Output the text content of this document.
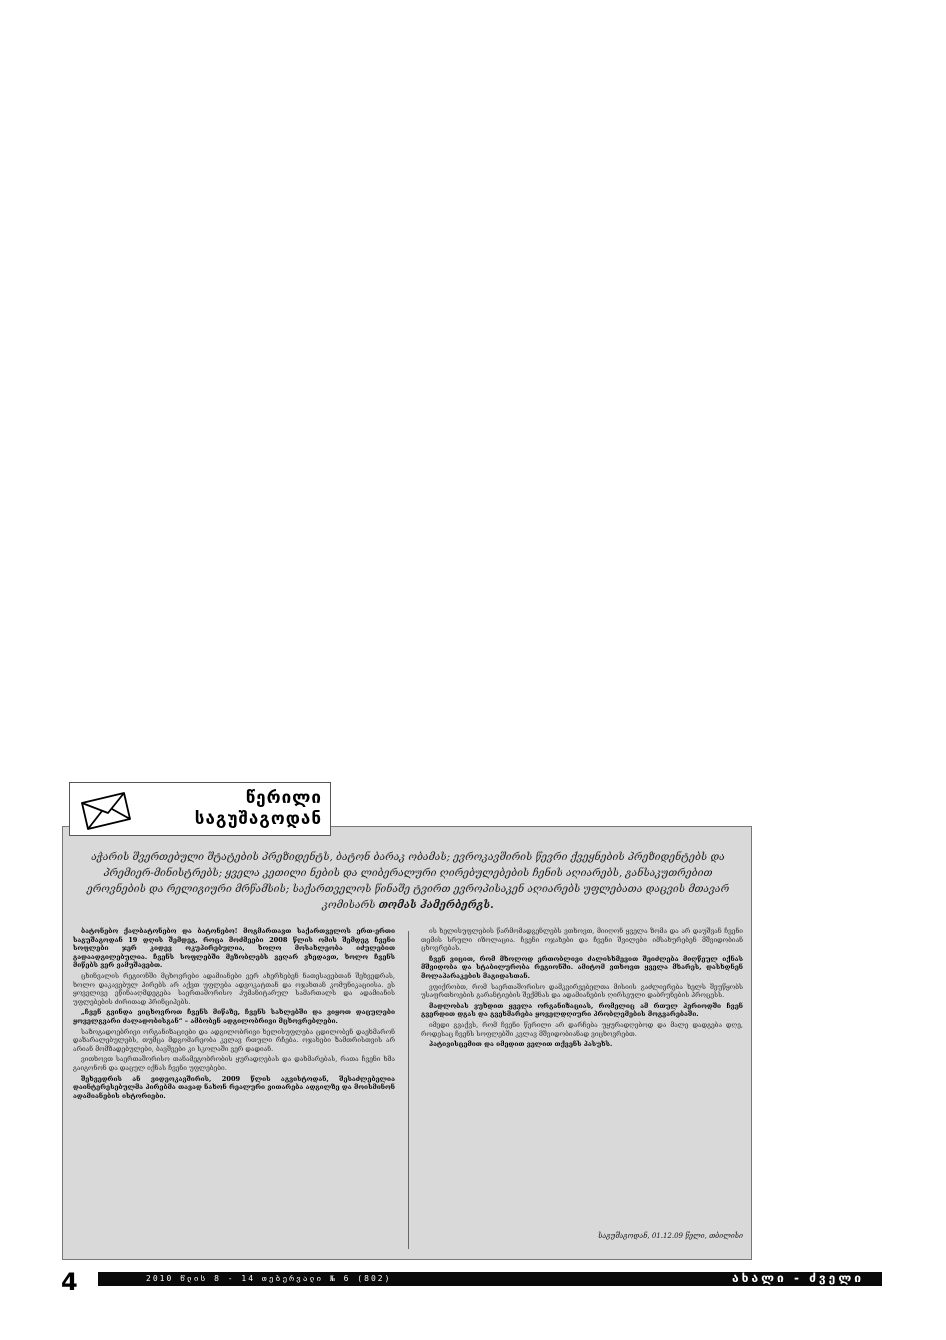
წერილი
საგუშაგოდან
აჭარის შვერთებული შტატების პრეზიდენტს, ბატონ ბარაკ ობამას; ევროკავშირის წევრი ქვეყნების პრეზიდენტებს და პრემიერ-მინისტრებს; ყველა კეთილი ნების და ლიბერალური ღირებულებების ჩენის აღიარებს, განსაკუთრებით ეროვნების და რელიგიური მრწამსის; საქართველოს წინაშე ტვირთ ევროპისაკენ აღიარებს უფლებათა დაცვის მთავარ კომისარს თომას ჰამერბერგს.

ბატონებო ქალბატონებო და ბატონებო! მოგმართავთ საქართველოს ერთ-ერთი საგუშაგოდან 19 დღის შემდეგ, როცა მოძმეები 2008 წლის ომის შემდეგ ჩვენი სოფლები ჯერ კიდევ ოკუპირებულია, ხოლო მოსახლეობა იძულებით გადაადგილებულია. ჩვენს სოფლებში მეზობლებს ვეღარ ვხედავთ, ხოლო ჩვენს მიწებს ვერ ვამუშავებთ.

ცხინვალის რეგიონში მცხოვრები ადამიანები ვერ ახერხებენ ნათესავებთან შეხვედრას, ხოლო დაკავებულ პირებს არ აქვთ უფლება ადვოკატთან და ოჯახთან კომუნიკაციისა. ეს ყოველივე ეწინააღმდეგება საერთაშორისო ჰუმანიტარულ სამართალს და ადამიანის უფლებების ძირითად პრინციპებს.

„ჩვენ გვინდა ვიცხოვროთ ჩვენს მიწაზე, ჩვენს სახლებში და ვიყოთ დაცულები ყოველგვარი ძალადობისგან“ – ამბობენ ადგილობრივი მცხოვრებლები.

საზოგადოებრივი ორგანიზაციები და ადგილობრივი ხელისუფლება ცდილობენ დაეხმარონ დაზარალებულებს, თუმცა მდგომარეობა კვლავ რთული რჩება. ოჯახები ზამთრისთვის არ არიან მომზადებულები, ბავშვები კი სკოლაში ვერ დადიან.

ვითხოვთ საერთაშორისო თანამეგობრობის ყურადღებას და დახმარებას, რათა ჩვენი ხმა გაიგონონ და დაცულ იქნას ჩვენი უფლებები.

შეხვედრის ან ვიდეოკავშირის, 2009 წლის აგვისტოდან, შესაძლებელია დაინტერესებულმა პირებმა თავად ნახონ რეალური ვითარება ადგილზე და მოისმინონ ადამიანების ისტორიები.

ის ხელისუფლების წარმომადგენლებს ვთხოვთ, მიიღონ ყველა ზომა და არ დაუშვან ჩვენი თემის სრული იზოლაცია. ჩვენი ოჯახები და ჩვენი შვილები იმსახურებენ მშვიდობიან ცხოვრებას.

ჩვენ ვიცით, რომ მხოლოდ ერთობლივი ძალისხმევით შეიძლება მიღწეულ იქნას მშვიდობა და სტაბილურობა რეგიონში. ამიტომ ვთხოვთ ყველა მხარეს, დასხდნენ მოლაპარაკების მაგიდასთან.

ვფიქრობთ, რომ საერთაშორისო დამკვირვებელთა მისიის გაძლიერება ხელს შეუწყობს უსაფრთხოების გარანტიების შექმნას და ადამიანების ღირსეული დაბრუნების პროცესს.

მადლობას ვუხდით ყველა ორგანიზაციას, რომელიც ამ რთულ პერიოდში ჩვენ გვერდით დგას და გვეხმარება ყოველდღიური პრობლემების მოგვარებაში.

იმედი გვაქვს, რომ ჩვენი წერილი არ დარჩება უყურადღებოდ და მალე დადგება დღე, როდესაც ჩვენს სოფლებში კვლავ მშვიდობიანად ვიცხოვრებთ.

პატივისცემით და იმედით ველით თქვენს პასუხს.

საგუშაგოდან, 01.12.09 წელი, თბილისი
4	2010 წლის 8 - 14 თებერვალი № 6 (802)	ახალი - ძველი
